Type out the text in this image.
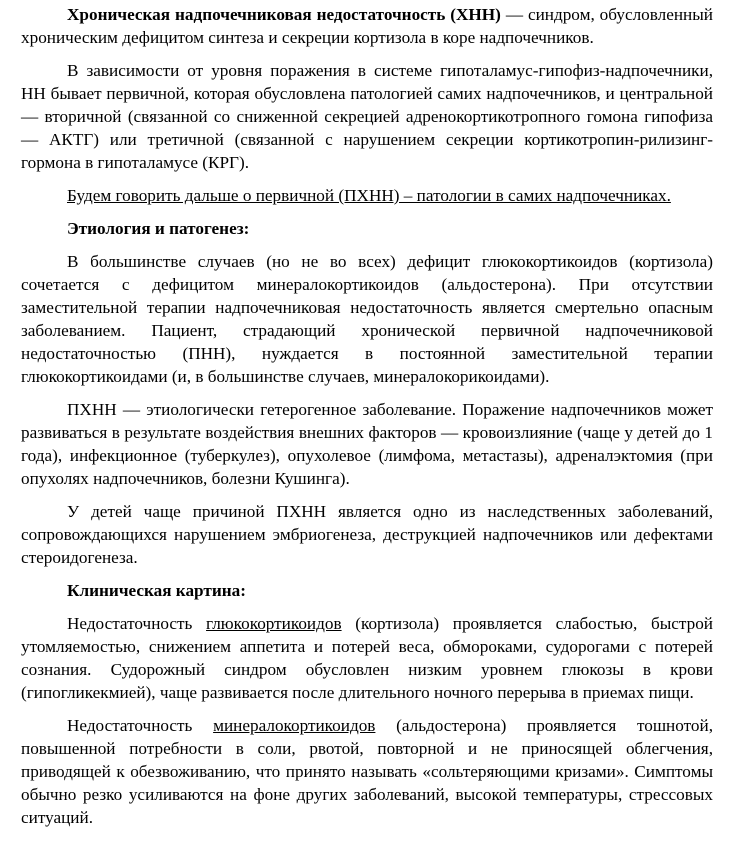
Хроническая надпочечниковая недостаточность (ХНН) — синдром, обусловленный хроническим дефицитом синтеза и секреции кортизола в коре надпочечников.

В зависимости от уровня поражения в системе гипоталамус-гипофиз-надпочечники, НН бывает первичной, которая обусловлена патологией самих надпочечников, и центральной — вторичной (связанной со сниженной секрецией адренокортикотропного гомона гипофиза — АКТГ) или третичной (связанной с нарушением секреции кортикотропин-рилизинг-гормона в гипоталамусе (КРГ).

Будем говорить дальше о первичной (ПХНН) – патологии в самих надпочечниках.

Этиология и патогенез:

В большинстве случаев (но не во всех) дефицит глюкокортикоидов (кортизола) сочетается с дефицитом минералокортикоидов (альдостерона). При отсутствии заместительной терапии надпочечниковая недостаточность является смертельно опасным заболеванием. Пациент, страдающий хронической первичной надпочечниковой недостаточностью (ПНН), нуждается в постоянной заместительной терапии глюкокортикоидами (и, в большинстве случаев, минералокорикоидами).

ПХНН — этиологически гетерогенное заболевание. Поражение надпочечников может развиваться в результате воздействия внешних факторов — кровоизлияние (чаще у детей до 1 года), инфекционное (туберкулез), опухолевое (лимфома, метастазы), адреналэктомия (при опухолях надпочечников, болезни Кушинга).

У детей чаще причиной ПХНН является одно из наследственных заболеваний, сопровождающихся нарушением эмбриогенеза, деструкцией надпочечников или дефектами стероидогенеза.

Клиническая картина:

Недостаточность глюкокортикоидов (кортизола) проявляется слабостью, быстрой утомляемостью, снижением аппетита и потерей веса, обмороками, судорогами с потерей сознания. Судорожный синдром обусловлен низким уровнем глюкозы в крови (гипогликекмией), чаще развивается после длительного ночного перерыва в приемах пищи.

Недостаточность минералокортикоидов (альдостерона) проявляется тошнотой, повышенной потребности в соли, рвотой, повторной и не приносящей облегчения, приводящей к обезвоживанию, что принято называть «сольтеряющими кризами». Симптомы обычно резко усиливаются на фоне других заболеваний, высокой температуры, стрессовых ситуаций.
